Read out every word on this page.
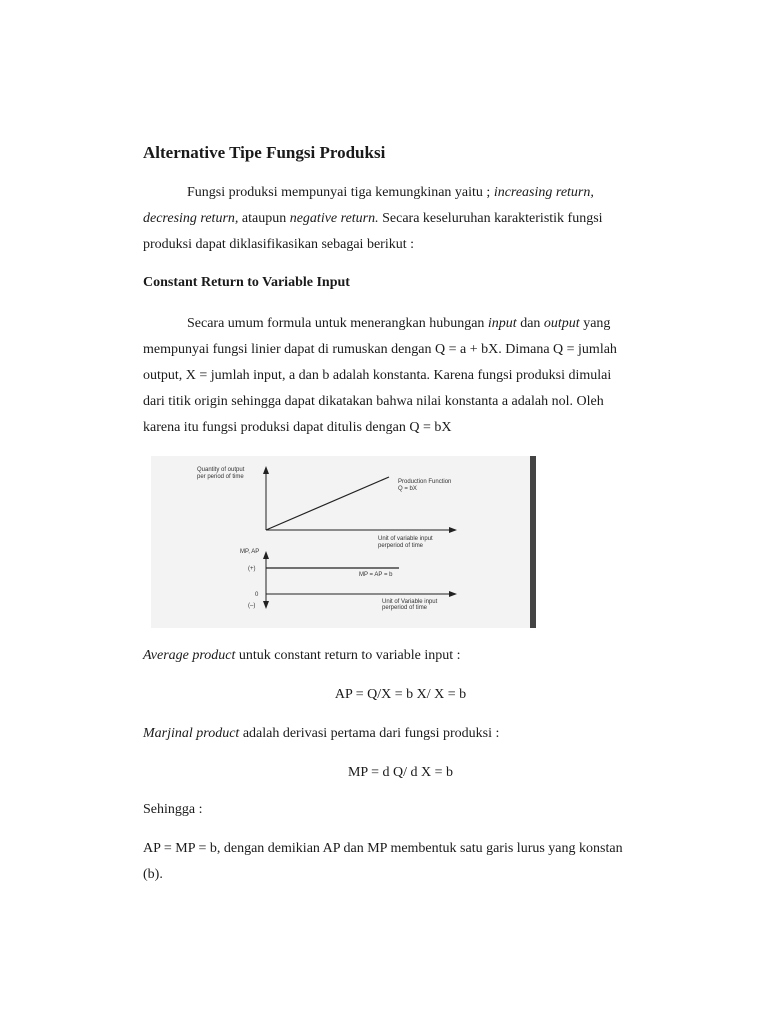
Alternative Tipe Fungsi Produksi

Fungsi produksi mempunyai tiga kemungkinan yaitu ; increasing return,
decresing return, ataupun negative return. Secara keseluruhan karakteristik fungsi
produksi dapat diklasifikasikan sebagai berikut :

Constant Return to Variable Input

Secara umum formula untuk menerangkan hubungan input dan output yang
mempunyai fungsi linier dapat di rumuskan dengan Q = a + bX. Dimana Q = jumlah
output, X = jumlah input, a dan b adalah konstanta. Karena fungsi produksi dimulai
dari titik origin sehingga dapat dikatakan bahwa nilai konstanta a adalah nol. Oleh
karena itu fungsi produksi dapat ditulis dengan Q = bX

Quantity of output
per period of time
Production Function
Q = bX
Unit of variable input
perperiod of time
MP, AP
(+)
0
(–)
MP = AP = b
Unit of Variable input
perperiod of time

Average product untuk constant return to variable input :

AP = Q/X = b X/ X = b

Marjinal product adalah derivasi pertama dari fungsi produksi :

MP = d Q/ d X = b

Sehingga :

AP = MP = b, dengan demikian AP dan MP membentuk satu garis lurus yang konstan

(b).
